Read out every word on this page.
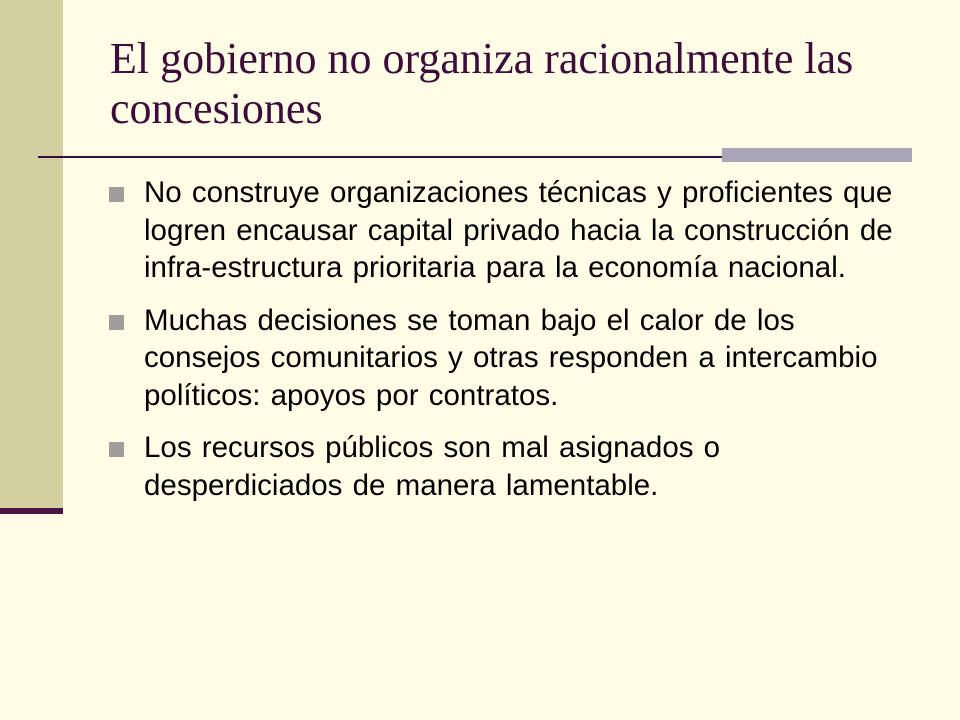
El gobierno no organiza racionalmente las concesiones
No construye organizaciones técnicas y proficientes que logren encausar capital privado hacia la construcción de infra-estructura prioritaria para la economía nacional.
Muchas decisiones se toman bajo el calor de los consejos comunitarios y otras responden a intercambio políticos: apoyos por contratos.
Los recursos públicos son mal asignados o desperdiciados de manera lamentable.
